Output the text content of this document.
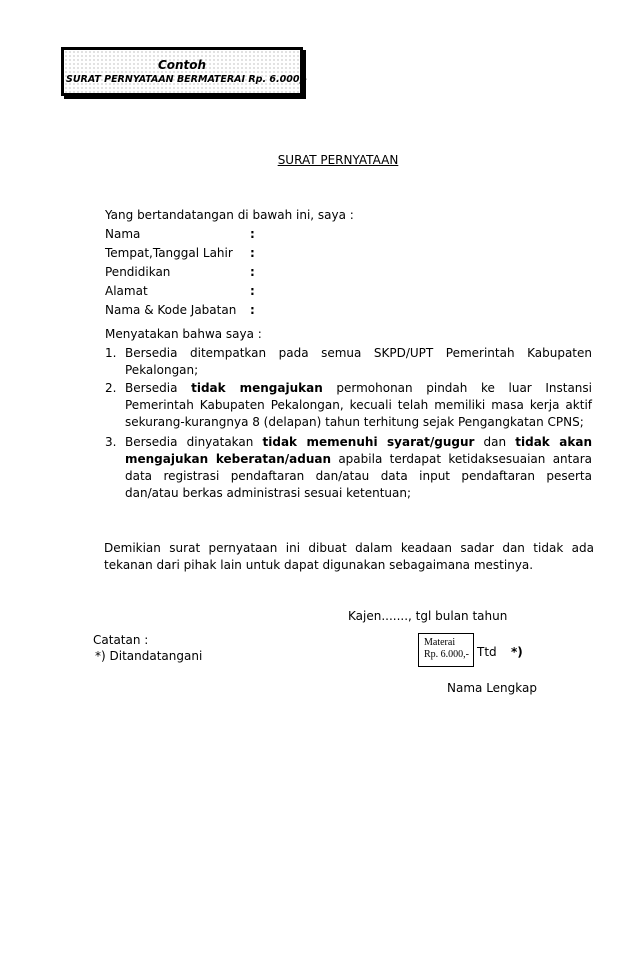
Contoh
SURAT PERNYATAAN BERMATERAI Rp. 6.000,-
SURAT PERNYATAAN
Yang bertandatangan di bawah ini, saya :
Nama	:
Tempat,Tanggal Lahir :
Pendidikan	:
Alamat	:
Nama & Kode Jabatan :
Menyatakan bahwa saya :
1. Bersedia ditempatkan pada semua SKPD/UPT Pemerintah Kabupaten Pekalongan;
2. Bersedia tidak mengajukan permohonan pindah ke luar Instansi Pemerintah Kabupaten Pekalongan, kecuali telah memiliki masa kerja aktif sekurang-kurangnya 8 (delapan) tahun terhitung sejak Pengangkatan CPNS;
3. Bersedia dinyatakan tidak memenuhi syarat/gugur dan tidak akan mengajukan keberatan/aduan apabila terdapat ketidaksesuaian antara data registrasi pendaftaran dan/atau data input pendaftaran peserta dan/atau berkas administrasi sesuai ketentuan;
Demikian surat pernyataan ini dibuat dalam keadaan sadar dan tidak ada tekanan dari pihak lain untuk dapat digunakan sebagaimana mestinya.
Kajen......., tgl bulan tahun
Catatan :
*) Ditandatangani
Materai
Rp. 6.000,- Ttd *)
Nama Lengkap
